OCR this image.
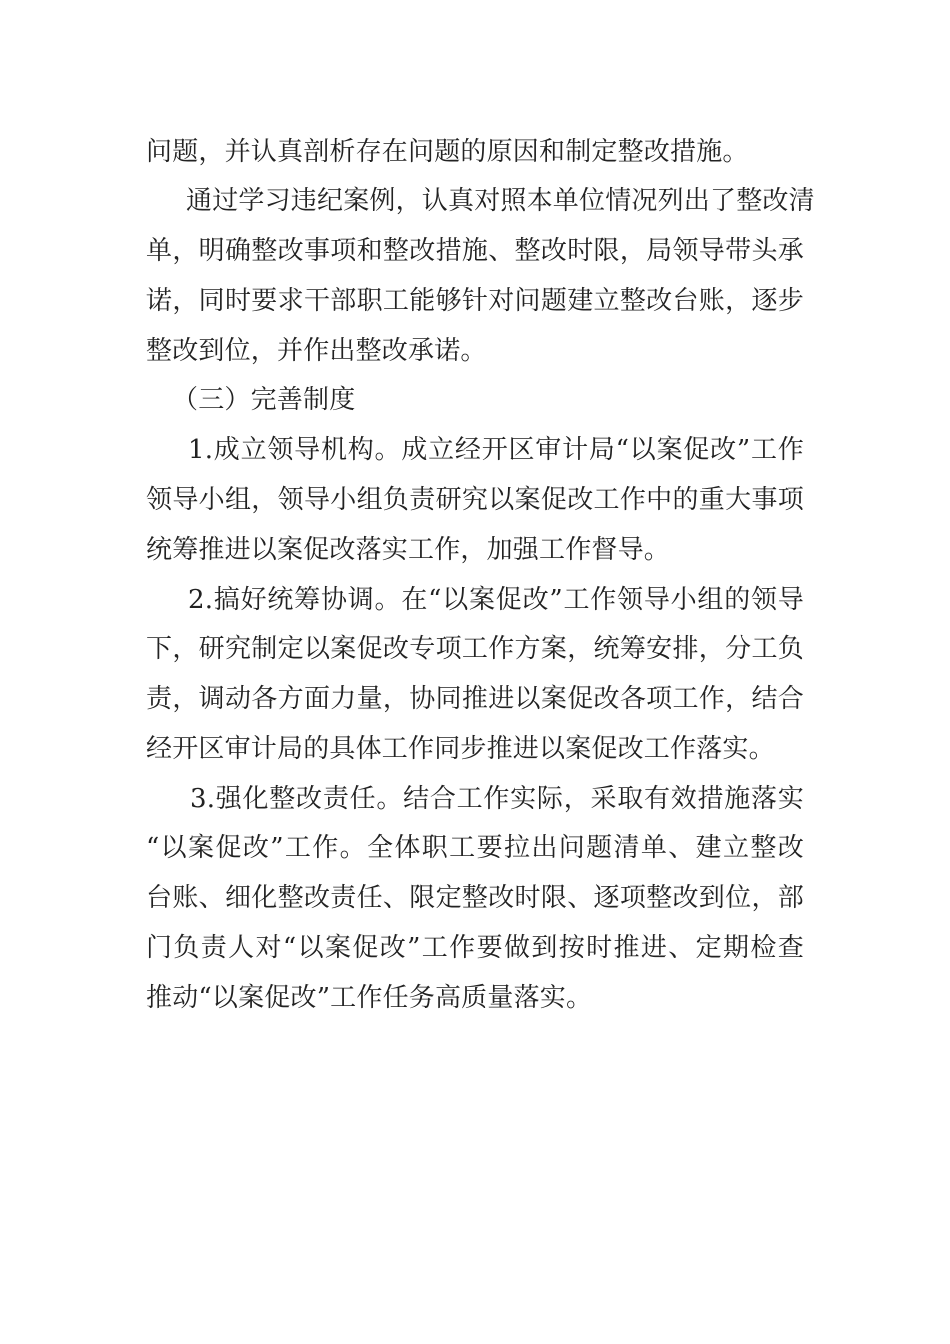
问题，并认真剖析存在问题的原因和制定整改措施。
通过学习违纪案例，认真对照本单位情况列出了整改清
单，明确整改事项和整改措施、整改时限，局领导带头承
诺，同时要求干部职工能够针对问题建立整改台账，逐步
整改到位，并作出整改承诺。
（三）完善制度
1.成立领导机构。成立经开区审计局“以案促改”工作
领导小组，领导小组负责研究以案促改工作中的重大事项
统筹推进以案促改落实工作，加强工作督导。
2.搞好统筹协调。在“以案促改”工作领导小组的领导
下，研究制定以案促改专项工作方案，统筹安排，分工负
责，调动各方面力量，协同推进以案促改各项工作，结合
经开区审计局的具体工作同步推进以案促改工作落实。
3.强化整改责任。结合工作实际，采取有效措施落实
“以案促改”工作。全体职工要拉出问题清单、建立整改
台账、细化整改责任、限定整改时限、逐项整改到位，部
门负责人对“以案促改”工作要做到按时推进、定期检查
推动“以案促改”工作任务高质量落实。
